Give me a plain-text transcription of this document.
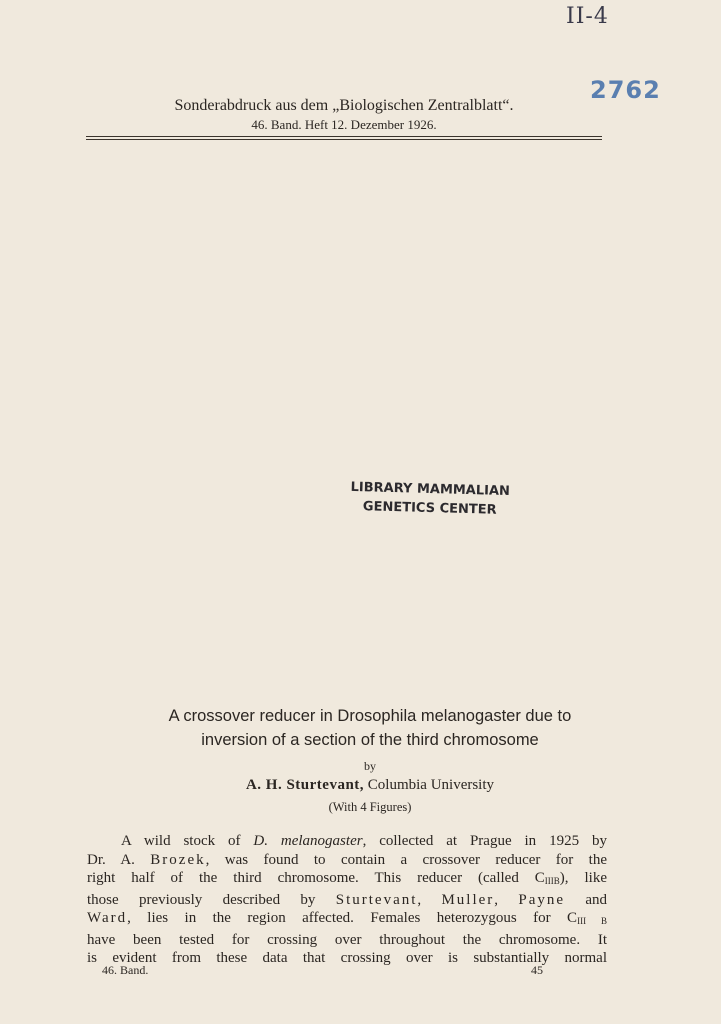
II-4
2762
Sonderabdruck aus dem „Biologischen Zentralblatt“.
46. Band. Heft 12. Dezember 1926.
LIBRARY MAMMALIAN
GENETICS CENTER
A crossover reducer in Drosophila melanogaster due to
inversion of a section of the third chromosome
by
A. H. Sturtevant, Columbia University
(With 4 Figures)
A wild stock of D. melanogaster, collected at Prague in 1925 by
Dr. A. Brozek, was found to contain a crossover reducer for the
right half of the third chromosome. This reducer (called $C_{IIIB}$), like
those previously described by Sturtevant, Muller, Payne and
Ward, lies in the region affected. Females heterozygous for $C_{III B}$
have been tested for crossing over throughout the chromosome. It
is evident from these data that crossing over is substantially normal
46. Band.	45
